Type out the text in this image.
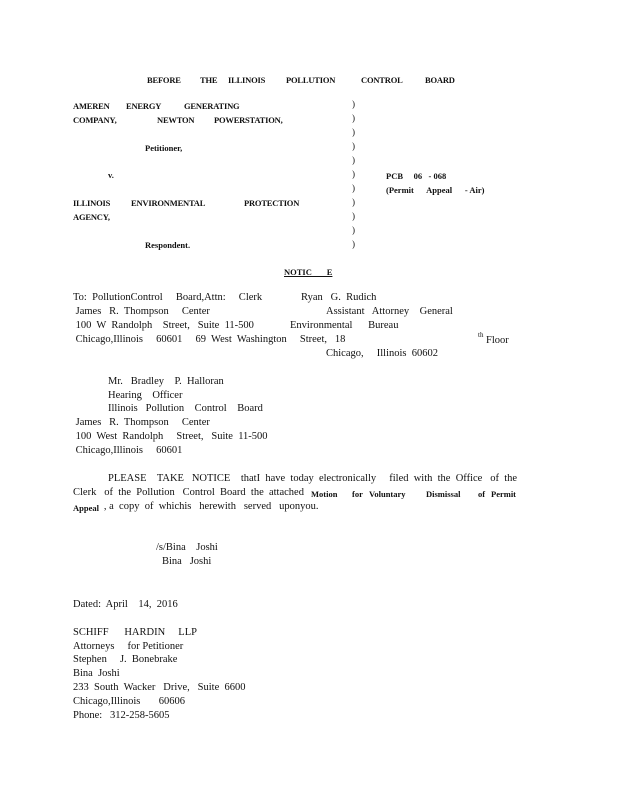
BEFORE THE ILLINOIS POLLUTION	CONTROL	BOARD
AMEREN ENERGY	GENERATING
COMPANY,	NEWTON POWER STATION,
Petitioner,
v.
ILLINOIS ENVIRONMENTAL	PROTECTION
AGENCY,
Respondent.
)
)
)
)
)
)
)
)
)
)
)
PCB     06   - 068
(Permit      Appeal      - Air)
NOTIC       E
To:  PollutionControl     Board,Attn:     Clerk	Ryan   G.  Rudich
James   R.  Thompson     Center	Assistant   Attorney    General
100  W  Randolph    Street,   Suite  11-500	Environmental      Bureau
Chicago,Illinois     60601     69  West  Washington     Street,   18	th Floor
Chicago,     Illinois  60602
Mr.   Bradley    P.  Halloran
Hearing    Officer
Illinois   Pollution    Control    Board
James   R.  Thompson     Center
100  West  Randolph     Street,   Suite  11-500
Chicago,Illinois     60601
PLEASE    TAKE   NOTICE    thatI  have  today  electronically     filed  with  the  Office   of  the
Clerk   of  the  Pollution   Control  Board  the  attached Motion for Voluntary Dismissal of Permit
Appeal
, a  copy  of  whichis   herewith   served   uponyou.
/s/Bina    Joshi
Bina   Joshi
Dated:  April    14,  2016
SCHIFF      HARDIN     LLP
Attorneys     for Petitioner
Stephen     J.  Bonebrake
Bina  Joshi
233  South  Wacker   Drive,   Suite  6600
Chicago,Illinois       60606
Phone:   312-258-5605
